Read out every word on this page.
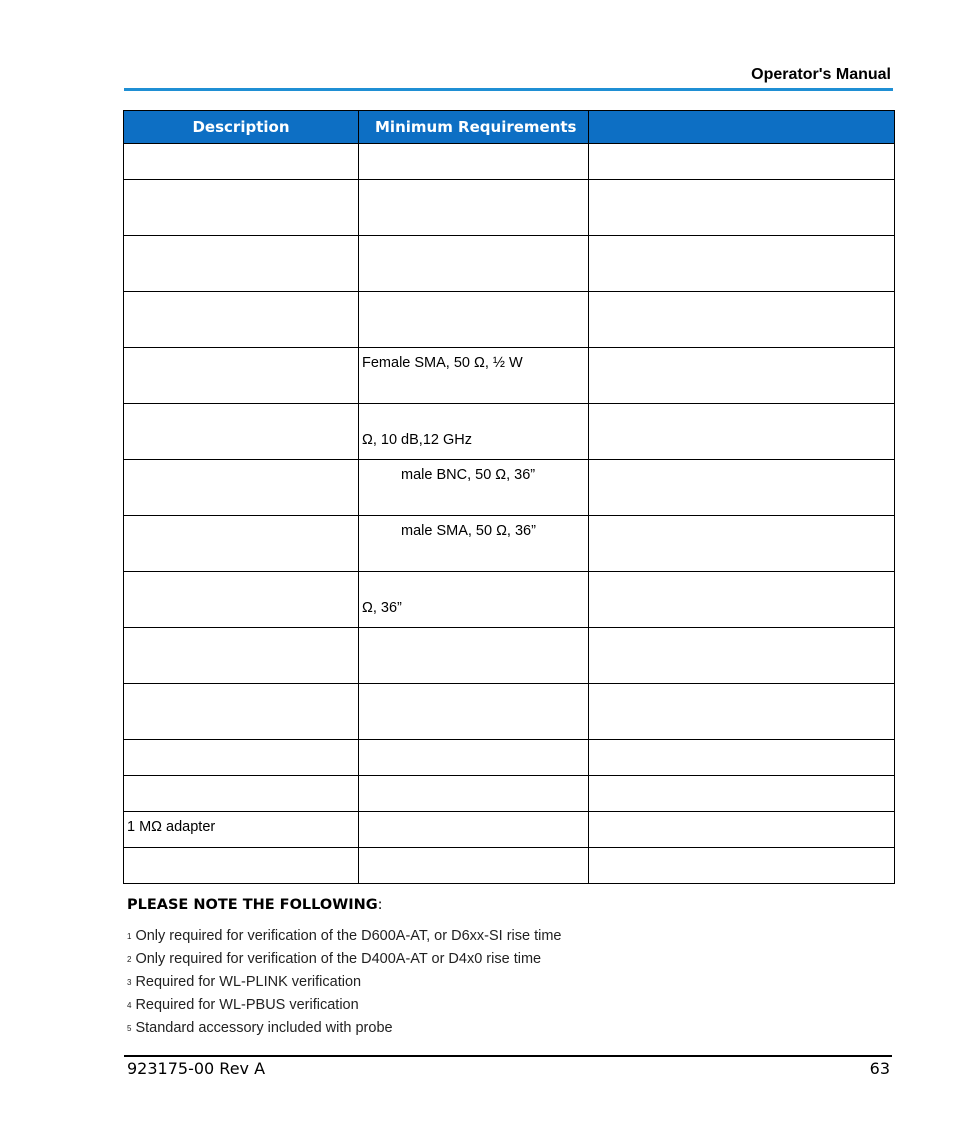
Operator's Manual
Description	Minimum Requirements	

	Female SMA, 50 Ω, ½ W	

	Ω, 10 dB,12 GHz	

	male BNC, 50 Ω, 36”	

	male SMA, 50 Ω, 36”	

	Ω, 36”	

1 MΩ adapter		

PLEASE NOTE THE FOLLOWING:
$^1$ Only required for verification of the D600A-AT, or D6xx-SI rise time
$^2$ Only required for verification of the D400A-AT or D4x0 rise time
$^3$ Required for WL-PLINK verification
$^4$ Required for WL-PBUS verification
$^5$ Standard accessory included with probe
923175-00 Rev A	63
